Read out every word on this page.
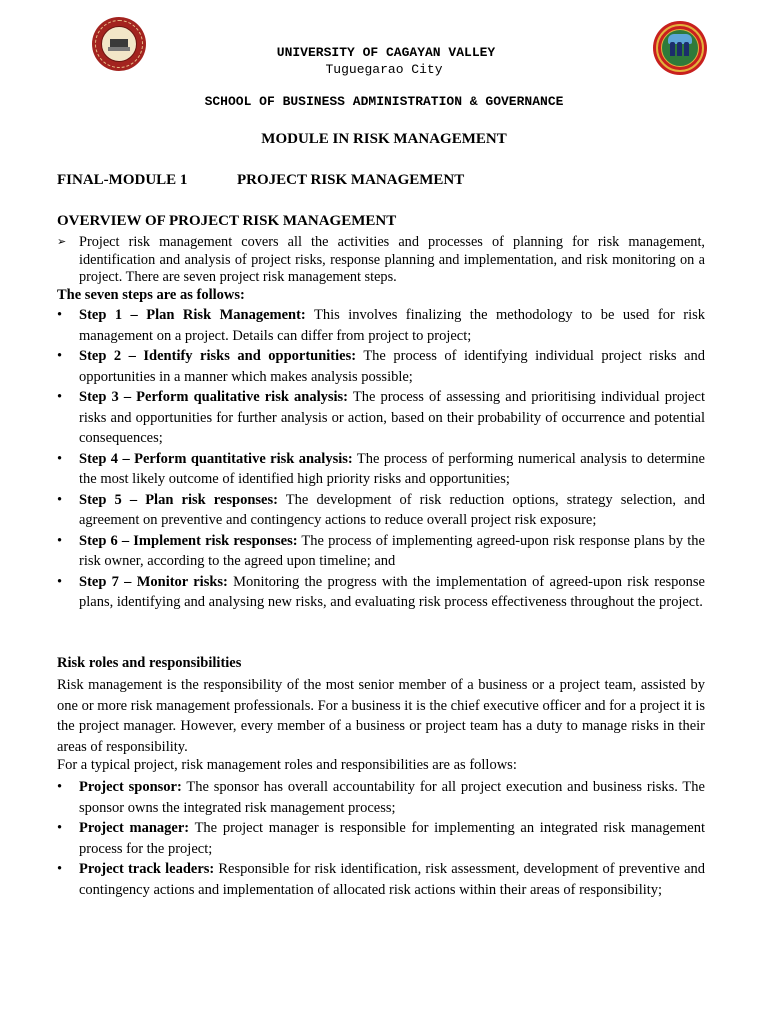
UNIVERSITY OF CAGAYAN VALLEY
Tuguegarao City
SCHOOL OF BUSINESS ADMINISTRATION & GOVERNANCE
MODULE IN RISK MANAGEMENT
FINAL-MODULE 1	PROJECT RISK MANAGEMENT
OVERVIEW OF PROJECT RISK MANAGEMENT
➢ Project risk management covers all the activities and processes of planning for risk management, identification and analysis of project risks, response planning and implementation, and risk monitoring on a project. There are seven project risk management steps.
The seven steps are as follows:
• Step 1 – Plan Risk Management: This involves finalizing the methodology to be used for risk management on a project. Details can differ from project to project;
• Step 2 – Identify risks and opportunities: The process of identifying individual project risks and opportunities in a manner which makes analysis possible;
• Step 3 – Perform qualitative risk analysis: The process of assessing and prioritising individual project risks and opportunities for further analysis or action, based on their probability of occurrence and potential consequences;
• Step 4 – Perform quantitative risk analysis: The process of performing numerical analysis to determine the most likely outcome of identified high priority risks and opportunities;
• Step 5 – Plan risk responses: The development of risk reduction options, strategy selection, and agreement on preventive and contingency actions to reduce overall project risk exposure;
• Step 6 – Implement risk responses: The process of implementing agreed-upon risk response plans by the risk owner, according to the agreed upon timeline; and
• Step 7 – Monitor risks: Monitoring the progress with the implementation of agreed-upon risk response plans, identifying and analysing new risks, and evaluating risk process effectiveness throughout the project.
Risk roles and responsibilities
Risk management is the responsibility of the most senior member of a business or a project team, assisted by one or more risk management professionals. For a business it is the chief executive officer and for a project it is the project manager. However, every member of a business or project team has a duty to manage risks in their areas of responsibility.
For a typical project, risk management roles and responsibilities are as follows:
• Project sponsor: The sponsor has overall accountability for all project execution and business risks. The sponsor owns the integrated risk management process;
• Project manager: The project manager is responsible for implementing an integrated risk management process for the project;
• Project track leaders: Responsible for risk identification, risk assessment, development of preventive and contingency actions and implementation of allocated risk actions within their areas of responsibility;
